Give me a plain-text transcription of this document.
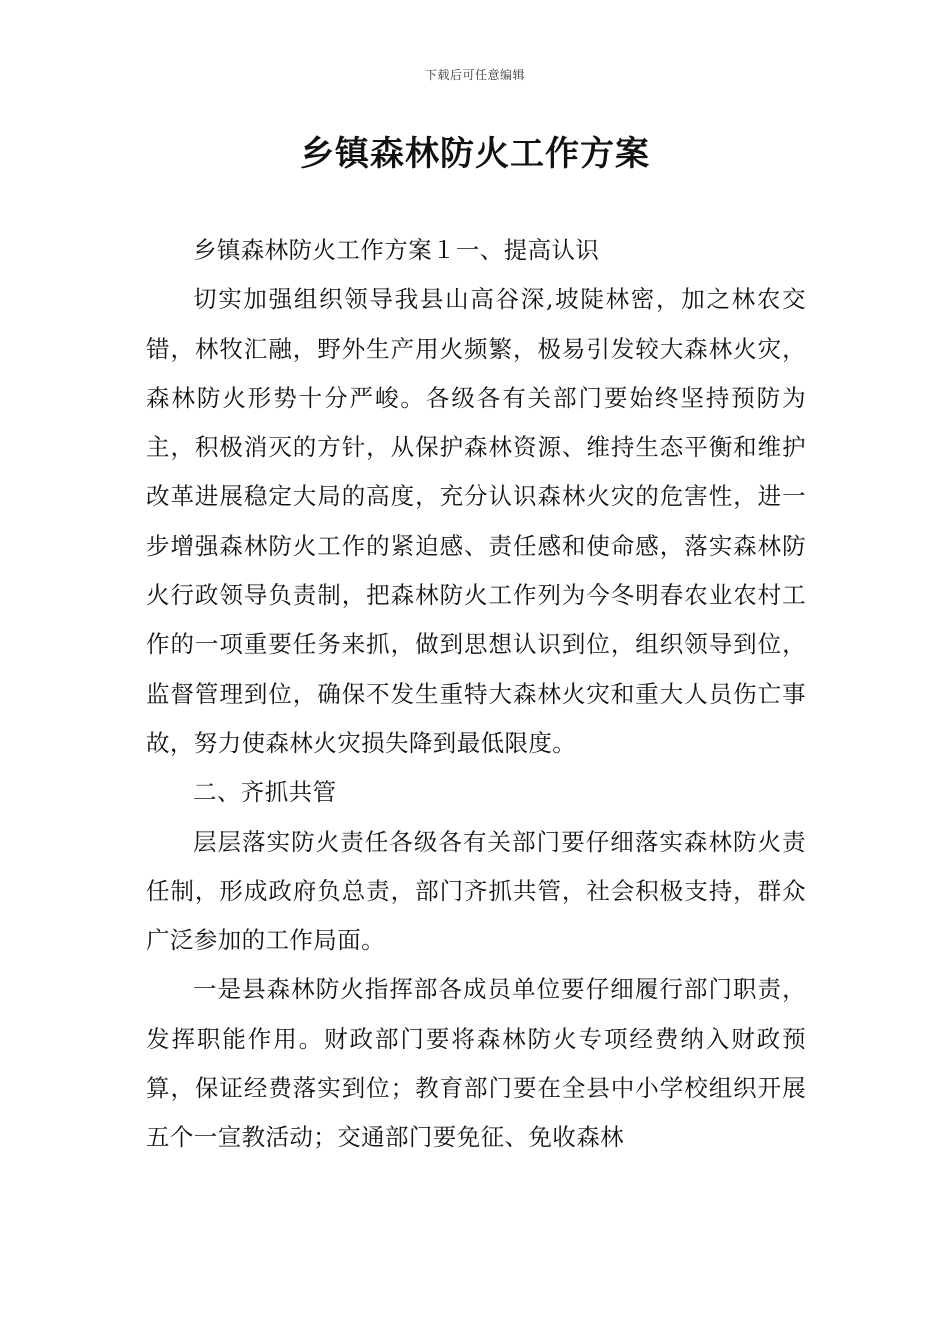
下载后可任意编辑
乡镇森林防火工作方案

乡镇森林防火工作方案１一、提高认识

切实加强组织领导我县山高谷深,坡陡林密，加之林农交错，林牧汇融，野外生产用火频繁，极易引发较大森林火灾，森林防火形势十分严峻。各级各有关部门要始终坚持预防为主，积极消灭的方针，从保护森林资源、维持生态平衡和维护改革进展稳定大局的高度，充分认识森林火灾的危害性，进一步增强森林防火工作的紧迫感、责任感和使命感，落实森林防火行政领导负责制，把森林防火工作列为今冬明春农业农村工作的一项重要任务来抓，做到思想认识到位，组织领导到位，监督管理到位，确保不发生重特大森林火灾和重大人员伤亡事故，努力使森林火灾损失降到最低限度。

二、齐抓共管

层层落实防火责任各级各有关部门要仔细落实森林防火责任制，形成政府负总责，部门齐抓共管，社会积极支持，群众广泛参加的工作局面。

一是县森林防火指挥部各成员单位要仔细履行部门职责，发挥职能作用。财政部门要将森林防火专项经费纳入财政预算，保证经费落实到位；教育部门要在全县中小学校组织开展五个一宣教活动；交通部门要免征、免收森林
